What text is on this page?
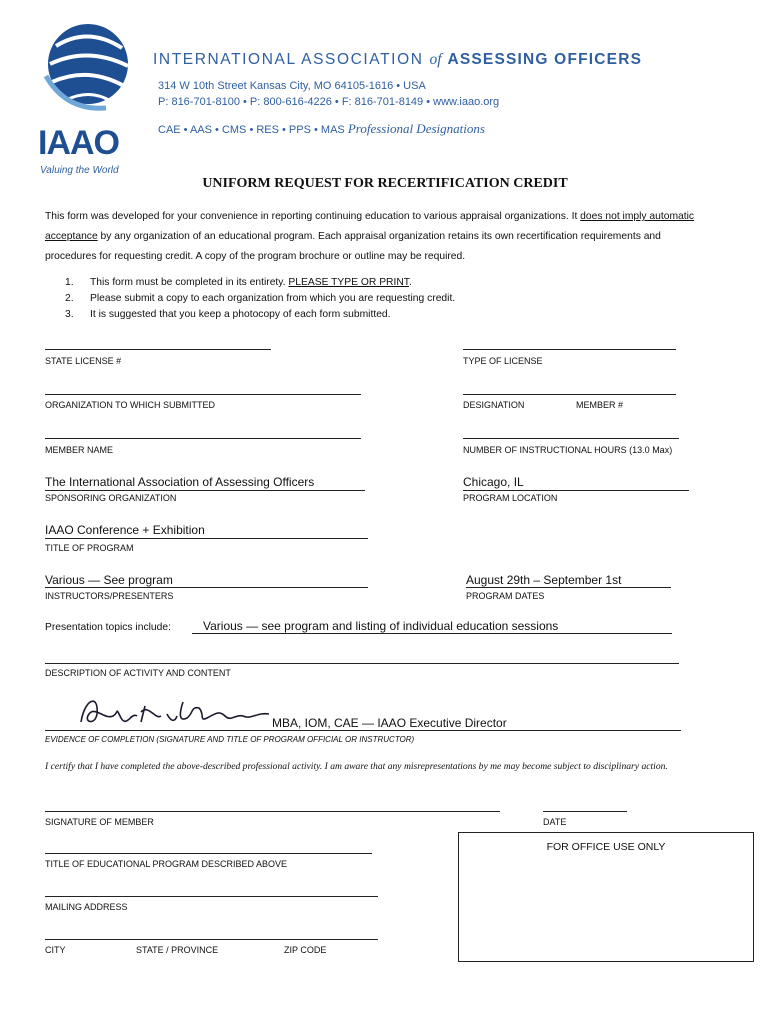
IAAO
Valuing the World
INTERNATIONAL ASSOCIATION of ASSESSING OFFICERS
314 W 10th Street Kansas City, MO 64105-1616 • USA
P: 816-701-8100 • P: 800-616-4226 • F: 816-701-8149 • www.iaao.org
CAE • AAS • CMS • RES • PPS • MAS Professional Designations
UNIFORM REQUEST FOR RECERTIFICATION CREDIT
This form was developed for your convenience in reporting continuing education to various appraisal organizations. It does not imply automatic acceptance by any organization of an educational program. Each appraisal organization retains its own recertification requirements and procedures for requesting credit. A copy of the program brochure or outline may be required.
1. This form must be completed in its entirety. PLEASE TYPE OR PRINT.
2. Please submit a copy to each organization from which you are requesting credit.
3. It is suggested that you keep a photocopy of each form submitted.
STATE LICENSE #	TYPE OF LICENSE
ORGANIZATION TO WHICH SUBMITTED	DESIGNATION	MEMBER #
MEMBER NAME	NUMBER OF INSTRUCTIONAL HOURS (13.0 Max)
The International Association of Assessing Officers
SPONSORING ORGANIZATION
Chicago, IL
PROGRAM LOCATION
IAAO Conference + Exhibition
TITLE OF PROGRAM
Various — See program
INSTRUCTORS/PRESENTERS
August 29th – September 1st
PROGRAM DATES
Presentation topics include:	Various — see program and listing of individual education sessions
DESCRIPTION OF ACTIVITY AND CONTENT
MBA, IOM, CAE — IAAO Executive Director
EVIDENCE OF COMPLETION (SIGNATURE AND TITLE OF PROGRAM OFFICIAL OR INSTRUCTOR)
I certify that I have completed the above-described professional activity. I am aware that any misrepresentations by me may become subject to disciplinary action.
SIGNATURE OF MEMBER	DATE
FOR OFFICE USE ONLY
TITLE OF EDUCATIONAL PROGRAM DESCRIBED ABOVE
MAILING ADDRESS
CITY	STATE / PROVINCE	ZIP CODE
